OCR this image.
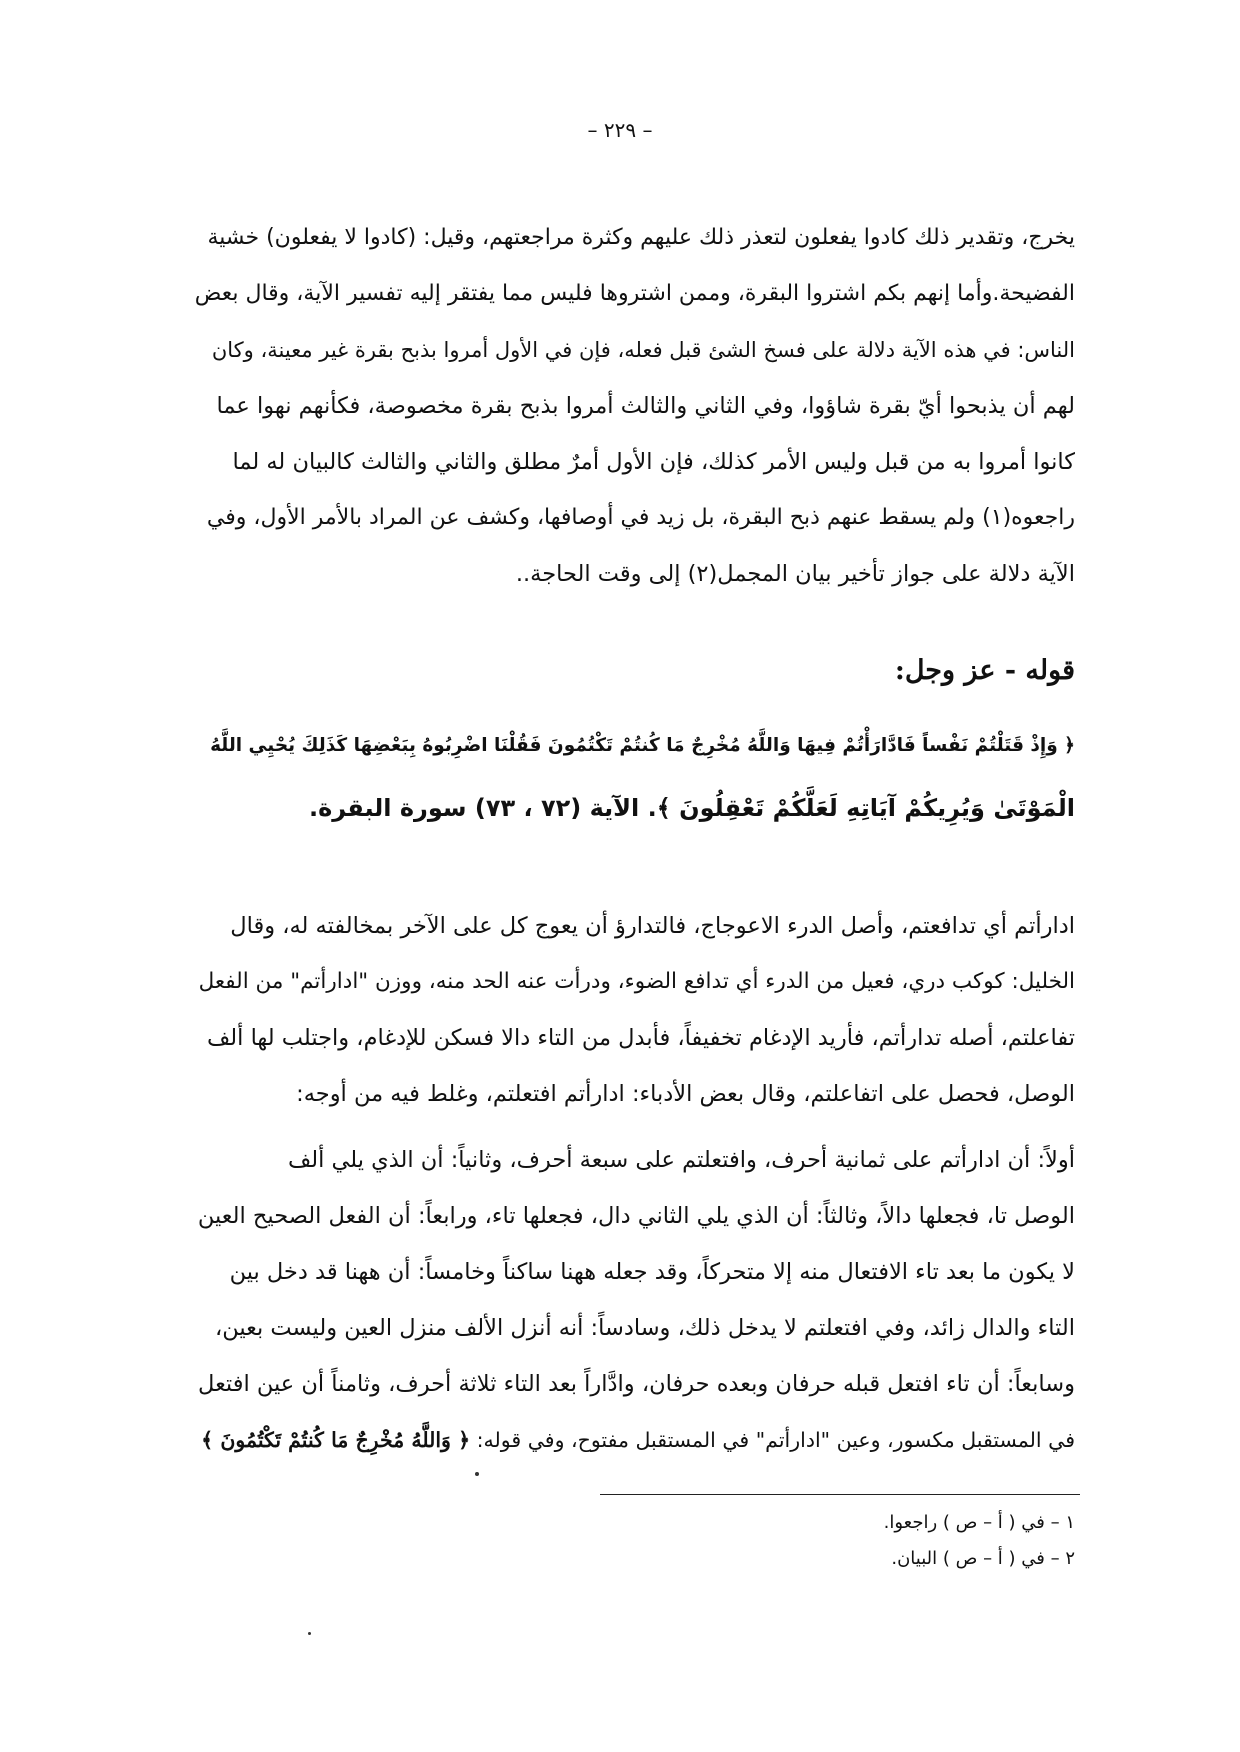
– ٢٢٩ –
يخرج، وتقدير ذلك كادوا يفعلون لتعذر ذلك عليهم وكثرة مراجعتهم، وقيل: (كادوا لا يفعلون) خشية
الفضيحة.وأما إنهم بكم اشتروا البقرة، وممن اشتروها فليس مما يفتقر إليه تفسير الآية، وقال بعض
الناس: في هذه الآية دلالة على فسخ الشئ قبل فعله، فإن في الأول أمروا بذبح بقرة غير معينة، وكان
لهم أن يذبحوا أيّ بقرة شاؤوا، وفي الثاني والثالث أمروا بذبح بقرة مخصوصة، فكأنهم نهوا عما
كانوا أمروا به من قبل وليس الأمر كذلك، فإن الأول أمرٌ مطلق والثاني والثالث كالبيان له لما
راجعوه(١) ولم يسقط عنهم ذبح البقرة، بل زيد في أوصافها، وكشف عن المراد بالأمر الأول، وفي
الآية دلالة على جواز تأخير بيان المجمل(٢) إلى وقت الحاجة..
قوله - عز وجل:
﴿ وَإِذْ قَتَلْتُمْ نَفْساً فَادَّارَأْتُمْ فِيهَا وَاللَّهُ مُخْرِجٌ مَا كُنتُمْ تَكْتُمُونَ فَقُلْنَا اضْرِبُوهُ بِبَعْضِهَا كَذَلِكَ يُحْيِي اللَّهُ
الْمَوْتَىٰ وَيُرِيكُمْ آيَاتِهِ لَعَلَّكُمْ تَعْقِلُونَ ﴾. الآية (٧٢ ، ٧٣) سورة البقرة.
ادارأتم أي تدافعتم، وأصل الدرء الاعوجاج، فالتدارؤ أن يعوج كل على الآخر بمخالفته له، وقال
الخليل: كوكب دري، فعيل من الدرء أي تدافع الضوء، ودرأت عنه الحد منه، ووزن "ادارأتم" من الفعل
تفاعلتم، أصله تدارأتم، فأريد الإدغام تخفيفاً، فأبدل من التاء دالا فسكن للإدغام، واجتلب لها ألف
الوصل، فحصل على اتفاعلتم، وقال بعض الأدباء: ادارأتم افتعلتم، وغلط فيه من أوجه:
أولاً: أن ادارأتم على ثمانية أحرف، وافتعلتم على سبعة أحرف، وثانياً: أن الذي يلي ألف
الوصل تا، فجعلها دالاً، وثالثاً: أن الذي يلي الثاني دال، فجعلها تاء، ورابعاً: أن الفعل الصحيح العين
لا يكون ما بعد تاء الافتعال منه إلا متحركاً، وقد جعله ههنا ساكناً وخامساً: أن ههنا قد دخل بين
التاء والدال زائد، وفي افتعلتم لا يدخل ذلك، وسادساً: أنه أنزل الألف منزل العين وليست بعين،
وسابعاً: أن تاء افتعل قبله حرفان وبعده حرفان، وادَّاراً بعد التاء ثلاثة أحرف، وثامناً أن عين افتعل
في المستقبل مكسور، وعين "ادارأتم" في المستقبل مفتوح، وفي قوله: ﴿ وَاللَّهُ مُخْرِجٌ مَا كُنتُمْ تَكْتُمُونَ ﴾
١ – في ( أ – ص ) راجعوا.
٢ – في ( أ – ص ) البيان.
